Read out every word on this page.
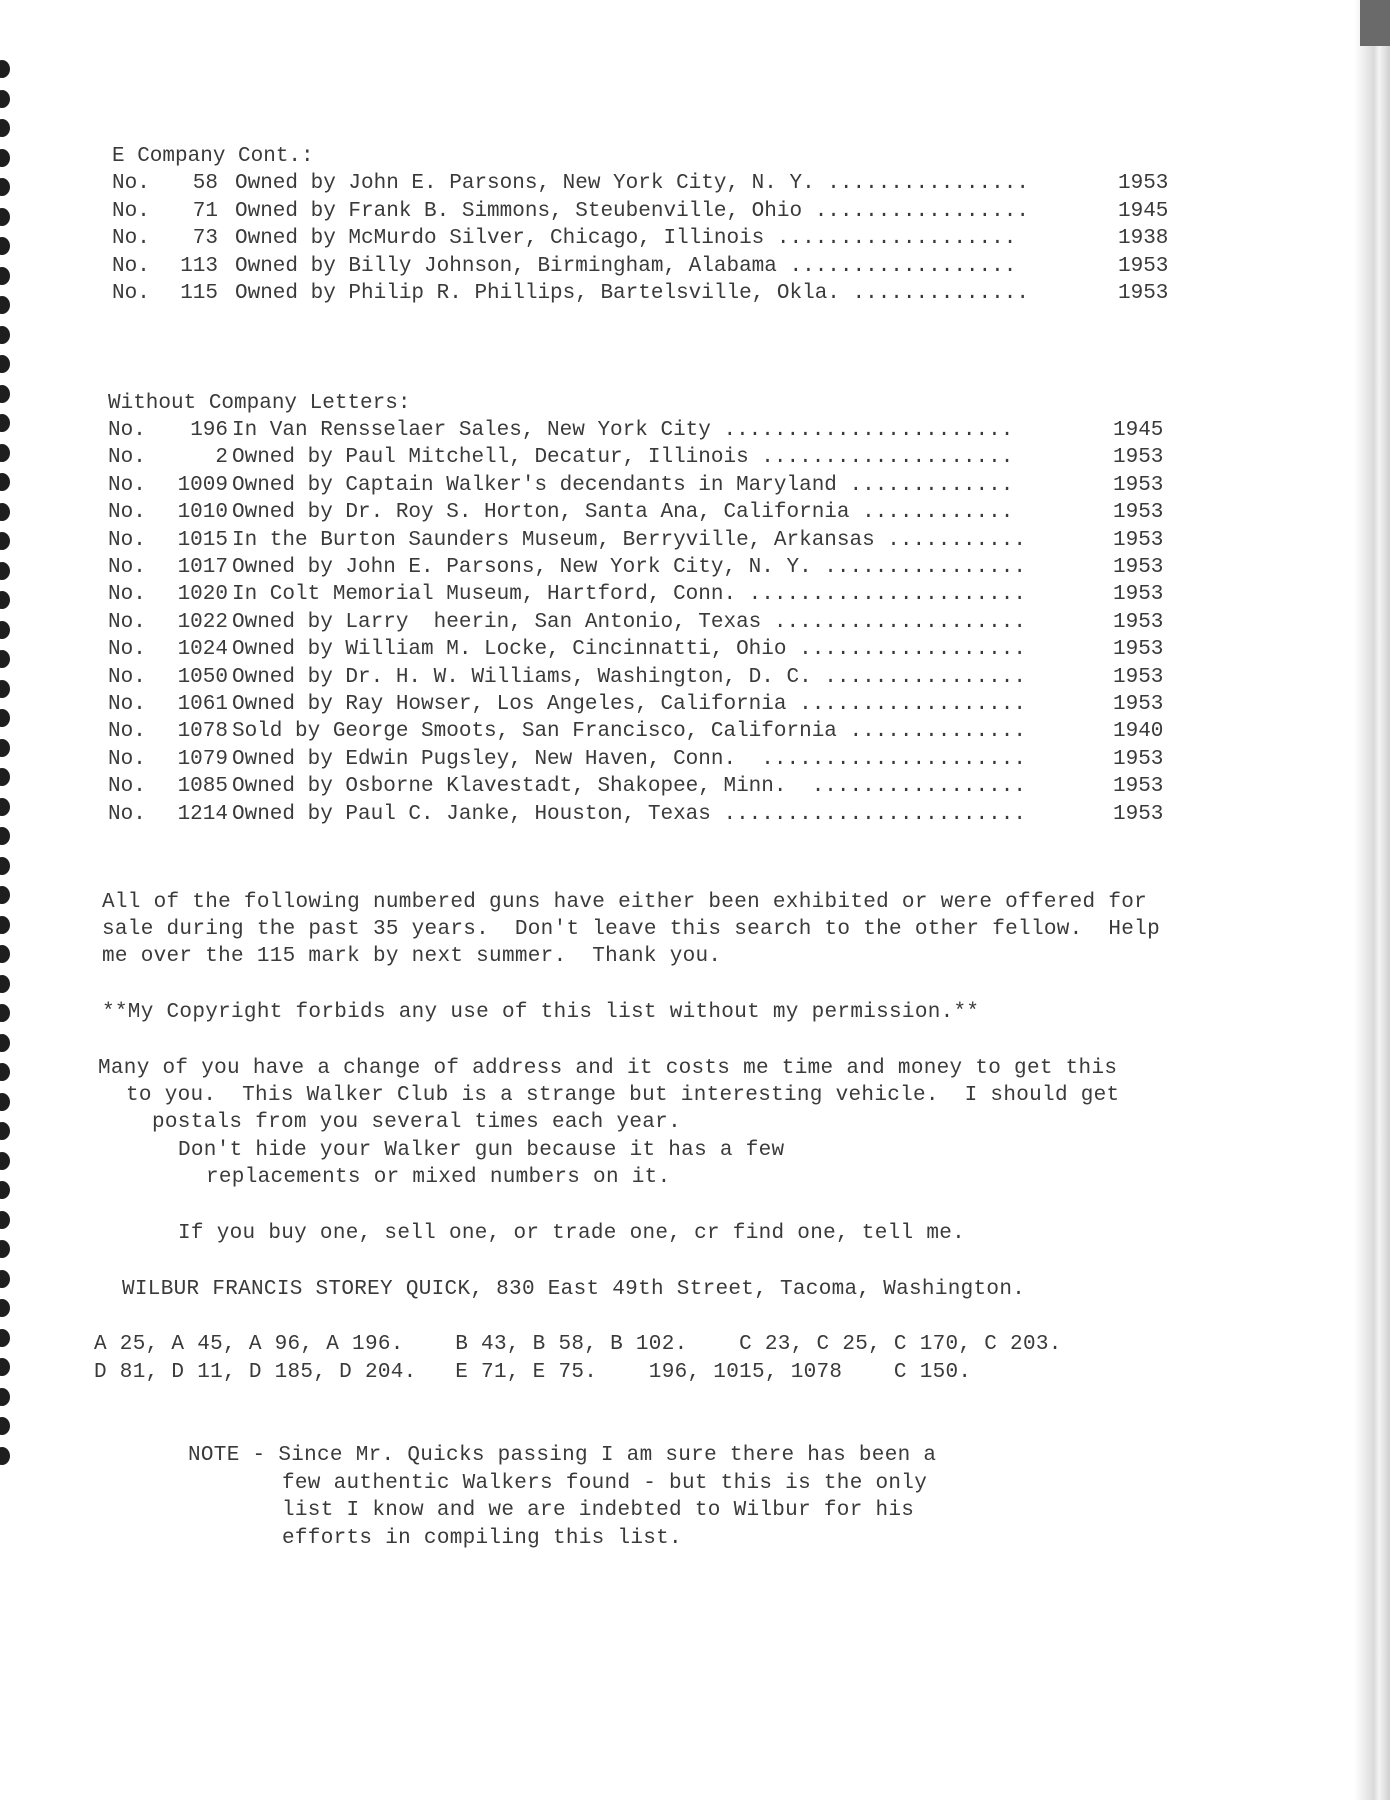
E Company Cont.:
No.	58 Owned by John E. Parsons, New York City, N. Y. ................	1953
No.	71 Owned by Frank B. Simmons, Steubenville, Ohio .................	1945
No.	73 Owned by McMurdo Silver, Chicago, Illinois ...................	1938
No.	113 Owned by Billy Johnson, Birmingham, Alabama ..................	1953
No.	115 Owned by Philip R. Phillips, Bartelsville, Okla. ..............	1953
Without Company Letters:
No.	196 In Van Rensselaer Sales, New York City .......................	1945
No.	2 Owned by Paul Mitchell, Decatur, Illinois ....................	1953
No.	1009 Owned by Captain Walker's decendants in Maryland .............	1953
No.	1010 Owned by Dr. Roy S. Horton, Santa Ana, California ............	1953
No.	1015 In the Burton Saunders Museum, Berryville, Arkansas ...........	1953
No.	1017 Owned by John E. Parsons, New York City, N. Y. ................	1953
No.	1020 In Colt Memorial Museum, Hartford, Conn. ......................	1953
No.	1022 Owned by Larry  heerin, San Antonio, Texas ....................	1953
No.	1024 Owned by William M. Locke, Cincinnatti, Ohio ..................	1953
No.	1050 Owned by Dr. H. W. Williams, Washington, D. C. ................	1953
No.	1061 Owned by Ray Howser, Los Angeles, California ..................	1953
No.	1078 Sold by George Smoots, San Francisco, California ..............	1940
No.	1079 Owned by Edwin Pugsley, New Haven, Conn.  .....................	1953
No.	1085 Owned by Osborne Klavestadt, Shakopee, Minn.  .................	1953
No.	1214 Owned by Paul C. Janke, Houston, Texas ........................	1953
All of the following numbered guns have either been exhibited or were offered for
sale during the past 35 years.  Don't leave this search to the other fellow.  Help
me over the 115 mark by next summer.  Thank you.
**My Copyright forbids any use of this list without my permission.**
Many of you have a change of address and it costs me time and money to get this
to you.  This Walker Club is a strange but interesting vehicle.  I should get
postals from you several times each year.
Don't hide your Walker gun because it has a few
replacements or mixed numbers on it.
If you buy one, sell one, or trade one, cr find one, tell me.
WILBUR FRANCIS STOREY QUICK, 830 East 49th Street, Tacoma, Washington.
A 25, A 45, A 96, A 196.    B 43, B 58, B 102.    C 23, C 25, C 170, C 203.
D 81, D 11, D 185, D 204.   E 71, E 75.    196, 1015, 1078    C 150.
NOTE - Since Mr. Quicks passing I am sure there has been a
few authentic Walkers found - but this is the only
list I know and we are indebted to Wilbur for his
efforts in compiling this list.
